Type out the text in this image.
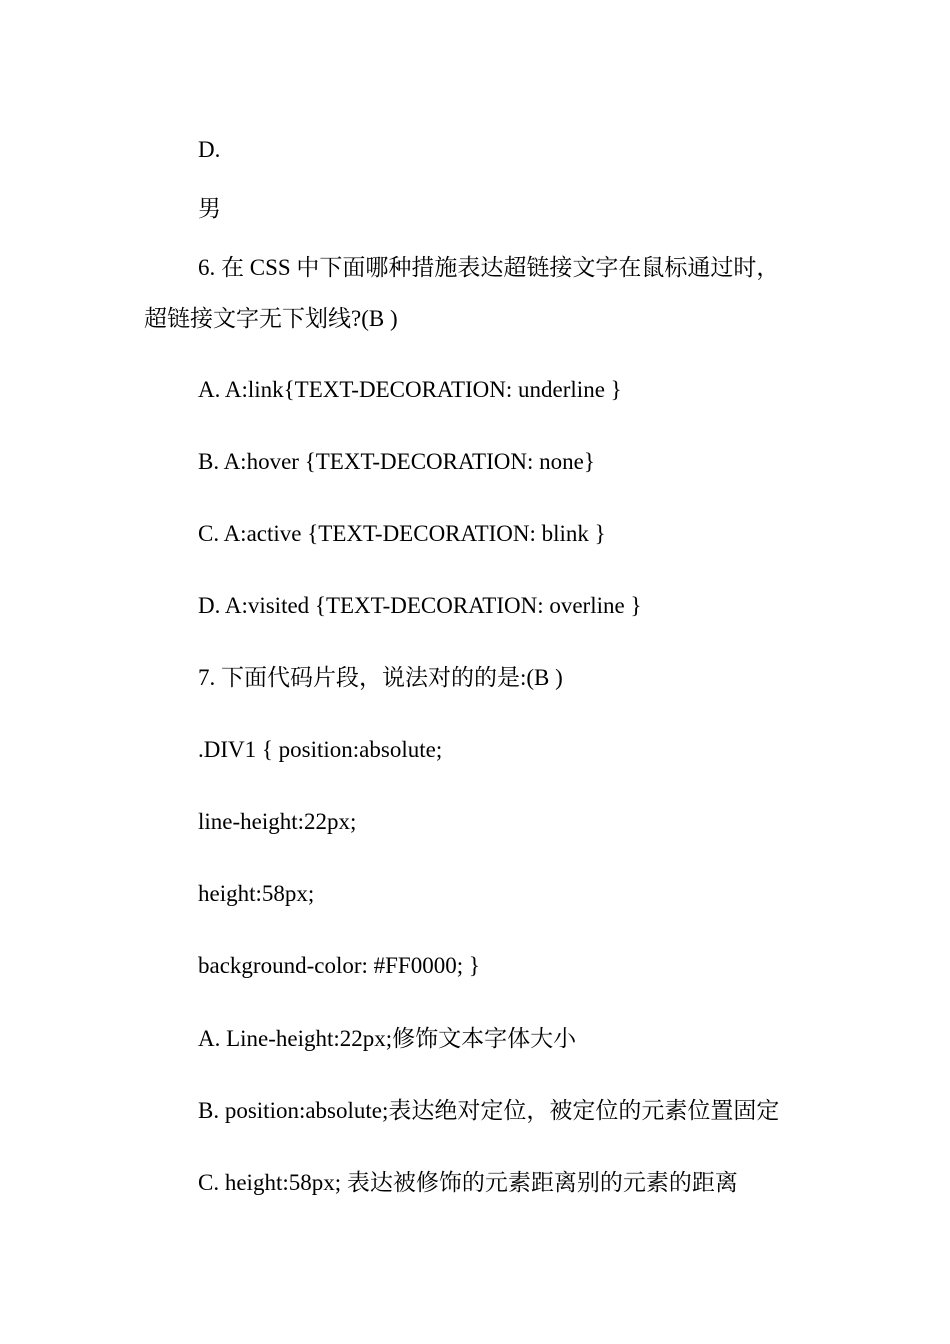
D.
男
6. 在 CSS 中下面哪种措施表达超链接文字在鼠标通过时，
超链接文字无下划线?(B )
A. A:link{TEXT-DECORATION: underline }
B. A:hover {TEXT-DECORATION: none}
C. A:active {TEXT-DECORATION: blink }
D. A:visited {TEXT-DECORATION: overline }
7. 下面代码片段，说法对的的是:(B )
.DIV1 { position:absolute;
line-height:22px;
height:58px;
background-color: #FF0000; }
A. Line-height:22px;修饰文本字体大小
B. position:absolute;表达绝对定位，被定位的元素位置固定
C. height:58px; 表达被修饰的元素距离别的元素的距离
